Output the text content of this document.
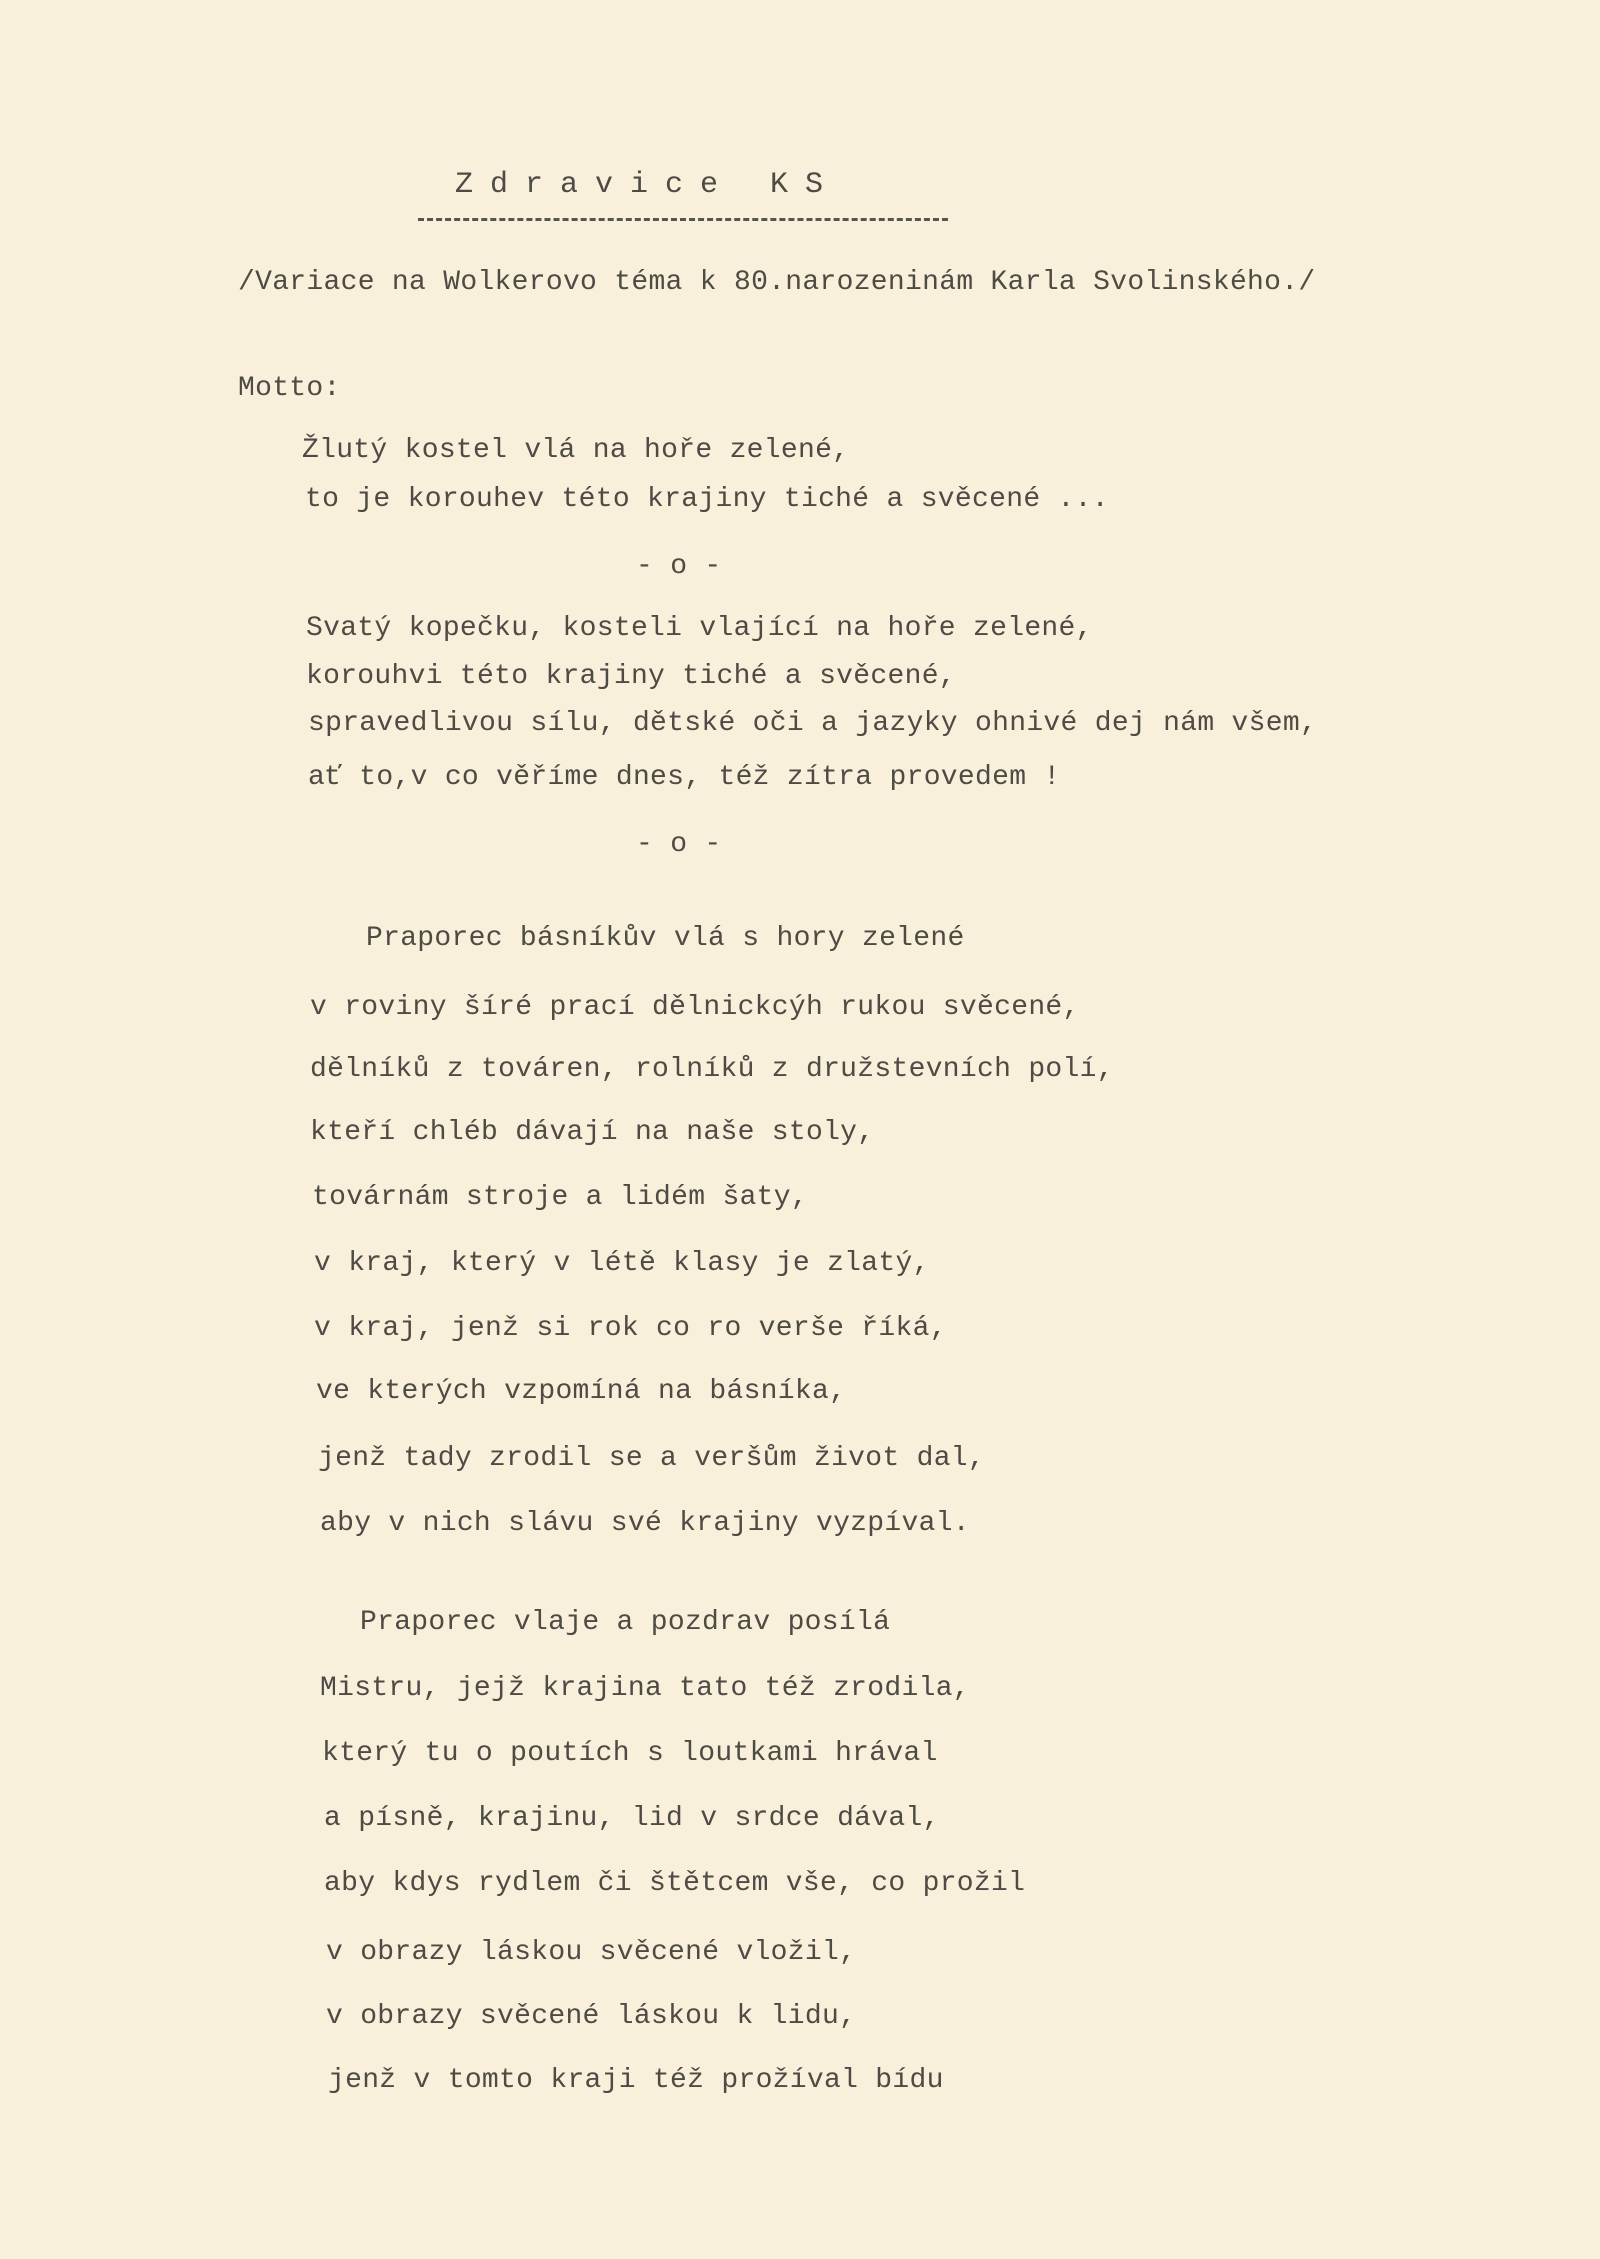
Zdravice KS
/Variace na Wolkerovo téma k 80.narozeninám Karla Svolinského./
Motto:
Žlutý kostel vlá na hoře zelené,
to je korouhev této krajiny tiché a svěcené ...
- o -
Svatý kopečku, kosteli vlající na hoře zelené,
korouhvi této krajiny tiché a svěcené,
spravedlivou sílu, dětské oči a jazyky ohnivé dej nám všem,
ať to,v co věříme dnes, též zítra provedem !
- o -
Praporec básníkův vlá s hory zelené
v roviny šíré prací dělnickcýh rukou svěcené,
dělníků z továren, rolníků z družstevních polí,
kteří chléb dávají na naše stoly,
továrnám stroje a lidém šaty,
v kraj, který v létě klasy je zlatý,
v kraj, jenž si rok co ro verše říká,
ve kterých vzpomíná na básníka,
jenž tady zrodil se a veršům život dal,
aby v nich slávu své krajiny vyzpíval.
Praporec vlaje a pozdrav posílá
Mistru, jejž krajina tato též zrodila,
který tu o poutích s loutkami hrával
a písně, krajinu, lid v srdce dával,
aby kdys rydlem či štětcem vše, co prožil
v obrazy láskou svěcené vložil,
v obrazy svěcené láskou k lidu,
jenž v tomto kraji též prožíval bídu
